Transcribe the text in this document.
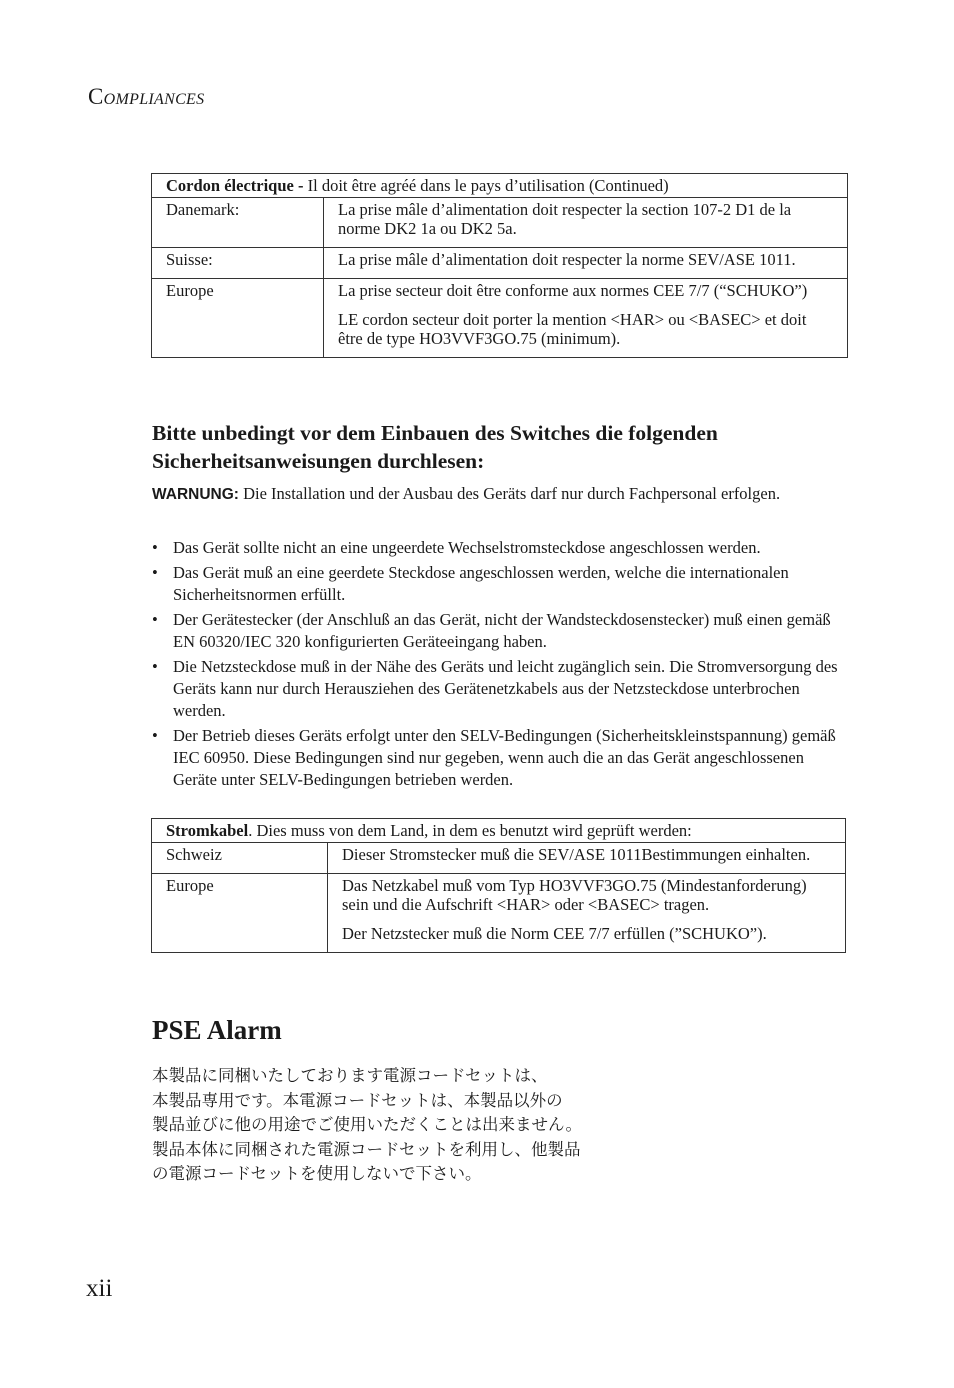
COMPLIANCES
Cordon électrique - Il doit être agréé dans le pays d’utilisation (Continued)	
Danemark:	La prise mâle d’alimentation doit respecter la section 107-2 D1 de la norme DK2 1a ou DK2 5a.

Suisse:	La prise mâle d’alimentation doit respecter la norme SEV/ASE 1011.

Europe	La prise secteur doit être conforme aux normes CEE 7/7 (“SCHUKO”)

LE cordon secteur doit porter la mention <HAR> ou <BASEC> et doit être de type HO3VVF3GO.75 (minimum).

Bitte unbedingt vor dem Einbauen des Switches die folgenden Sicherheitsanweisungen durchlesen:
WARNUNG: Die Installation und der Ausbau des Geräts darf nur durch Fachpersonal erfolgen.
• Das Gerät sollte nicht an eine ungeerdete Wechselstromsteckdose angeschlossen werden.
• Das Gerät muß an eine geerdete Steckdose angeschlossen werden, welche die internationalen Sicherheitsnormen erfüllt.
• Der Gerätestecker (der Anschluß an das Gerät, nicht der Wandsteckdosenstecker) muß einen gemäß EN 60320/IEC 320 konfigurierten Geräteeingang haben.
• Die Netzsteckdose muß in der Nähe des Geräts und leicht zugänglich sein. Die Stromversorgung des Geräts kann nur durch Herausziehen des Gerätenetzkabels aus der Netzsteckdose unterbrochen werden.
• Der Betrieb dieses Geräts erfolgt unter den SELV-Bedingungen (Sicherheitskleinstspannung) gemäß IEC 60950. Diese Bedingungen sind nur gegeben, wenn auch die an das Gerät angeschlossenen Geräte unter SELV-Bedingungen betrieben werden.
Stromkabel. Dies muss von dem Land, in dem es benutzt wird geprüft werden:	
Schweiz	Dieser Stromstecker muß die SEV/ASE 1011Bestimmungen einhalten.

Europe	Das Netzkabel muß vom Typ HO3VVF3GO.75 (Mindestanforderung) sein und die Aufschrift <HAR> oder <BASEC> tragen.

Der Netzstecker muß die Norm CEE 7/7 erfüllen (”SCHUKO”).

PSE Alarm
本製品に同梱いたしております電源コードセットは、
本製品専用です。本電源コードセットは、本製品以外の
製品並びに他の用途でご使用いただくことは出来ません。
製品本体に同梱された電源コードセットを利用し、他製品
の電源コードセットを使用しないで下さい。
xii
